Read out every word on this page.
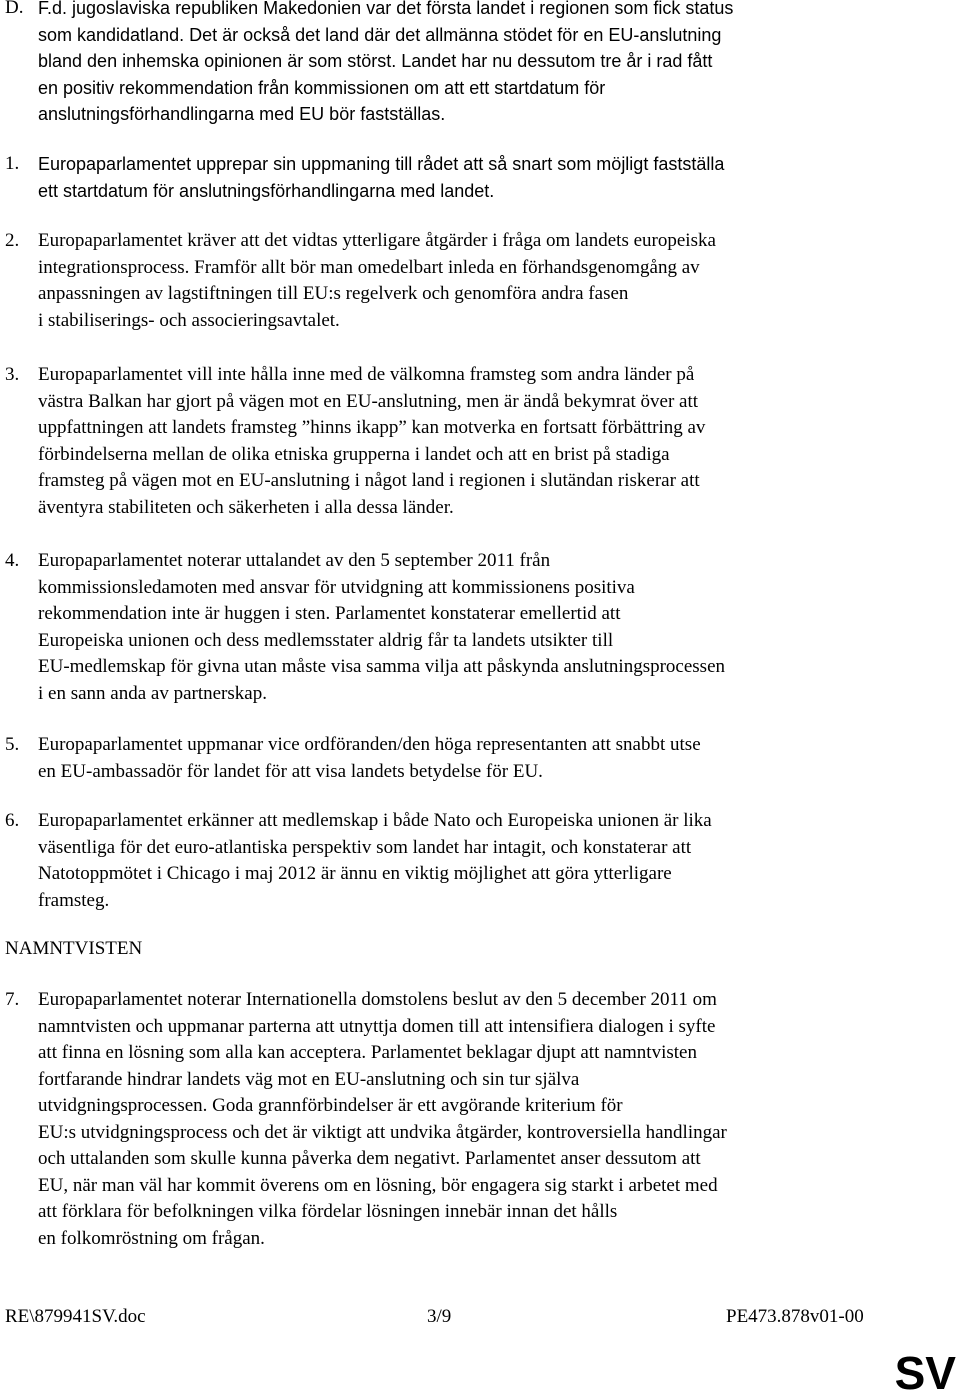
D. F.d. jugoslaviska republiken Makedonien var det första landet i regionen som fick status
som kandidatland. Det är också det land där det allmänna stödet för en EU-anslutning
bland den inhemska opinionen är som störst. Landet har nu dessutom tre år i rad fått
en positiv rekommendation från kommissionen om att ett startdatum för
anslutningsförhandlingarna med EU bör fastställas.
1. Europaparlamentet upprepar sin uppmaning till rådet att så snart som möjligt fastställa
ett startdatum för anslutningsförhandlingarna med landet.
2. Europaparlamentet kräver att det vidtas ytterligare åtgärder i fråga om landets europeiska
integrationsprocess. Framför allt bör man omedelbart inleda en förhandsgenomgång av
anpassningen av lagstiftningen till EU:s regelverk och genomföra andra fasen
i stabiliserings- och associeringsavtalet.
3. Europaparlamentet vill inte hålla inne med de välkomna framsteg som andra länder på
västra Balkan har gjort på vägen mot en EU-anslutning, men är ändå bekymrat över att
uppfattningen att landets framsteg ”hinns ikapp” kan motverka en fortsatt förbättring av
förbindelserna mellan de olika etniska grupperna i landet och att en brist på stadiga
framsteg på vägen mot en EU-anslutning i något land i regionen i slutändan riskerar att
äventyra stabiliteten och säkerheten i alla dessa länder.
4. Europaparlamentet noterar uttalandet av den 5 september 2011 från
kommissionsledamoten med ansvar för utvidgning att kommissionens positiva
rekommendation inte är huggen i sten. Parlamentet konstaterar emellertid att
Europeiska unionen och dess medlemsstater aldrig får ta landets utsikter till
EU-medlemskap för givna utan måste visa samma vilja att påskynda anslutningsprocessen
i en sann anda av partnerskap.
5. Europaparlamentet uppmanar vice ordföranden/den höga representanten att snabbt utse
en EU-ambassadör för landet för att visa landets betydelse för EU.
6. Europaparlamentet erkänner att medlemskap i både Nato och Europeiska unionen är lika
väsentliga för det euro-atlantiska perspektiv som landet har intagit, och konstaterar att
Natotoppmötet i Chicago i maj 2012 är ännu en viktig möjlighet att göra ytterligare
framsteg.
NAMNTVISTEN
7. Europaparlamentet noterar Internationella domstolens beslut av den 5 december 2011 om
namntvisten och uppmanar parterna att utnyttja domen till att intensifiera dialogen i syfte
att finna en lösning som alla kan acceptera. Parlamentet beklagar djupt att namntvisten
fortfarande hindrar landets väg mot en EU-anslutning och sin tur själva
utvidgningsprocessen. Goda grannförbindelser är ett avgörande kriterium för
EU:s utvidgningsprocess och det är viktigt att undvika åtgärder, kontroversiella handlingar
och uttalanden som skulle kunna påverka dem negativt. Parlamentet anser dessutom att
EU, när man väl har kommit överens om en lösning, bör engagera sig starkt i arbetet med
att förklara för befolkningen vilka fördelar lösningen innebär innan det hålls
en folkomröstning om frågan.
RE\879941SV.doc	3/9	PE473.878v01-00
SV
